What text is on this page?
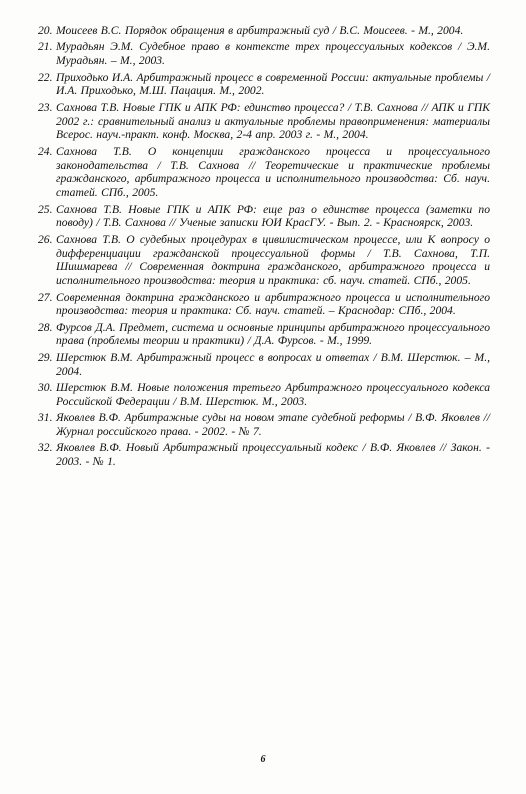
20. Моисеев В.С. Порядок обращения в арбитражный суд / В.С. Моисеев. - М., 2004.
21. Мурадьян Э.М. Судебное право в контексте трех процессуальных кодексов / Э.М. Мурадьян. – М., 2003.
22. Приходько И.А. Арбитражный процесс в современной России: актуальные проблемы / И.А. Приходько, М.Ш. Пацация. М., 2002.
23. Сахнова Т.В. Новые ГПК и АПК РФ: единство процесса? / Т.В. Сахнова // АПК и ГПК 2002 г.: сравнительный анализ и актуальные проблемы правоприменения: материалы Всерос. науч.-практ. конф. Москва, 2-4 апр. 2003 г. - М., 2004.
24. Сахнова Т.В. О концепции гражданского процесса и процессуального законодательства / Т.В. Сахнова // Теоретические и практические проблемы гражданского, арбитражного процесса и исполнительного производства: Сб. науч. статей. СПб., 2005.
25. Сахнова Т.В. Новые ГПК и АПК РФ: еще раз о единстве процесса (заметки по поводу) / Т.В. Сахнова // Ученые записки ЮИ КрасГУ. - Вып. 2. - Красноярск, 2003.
26. Сахнова Т.В. О судебных процедурах в цивилистическом процессе, или К вопросу о дифференциации гражданской процессуальной формы / Т.В. Сахнова, Т.П. Шишмарева // Современная доктрина гражданского, арбитражного процесса и исполнительного производства: теория и практика: сб. науч. статей. СПб., 2005.
27. Современная доктрина гражданского и арбитражного процесса и исполнительного производства: теория и практика: Сб. науч. статей. – Краснодар: СПб., 2004.
28. Фурсов Д.А. Предмет, система и основные принципы арбитражного процессуального права (проблемы теории и практики) / Д.А. Фурсов. - М., 1999.
29. Шерстюк В.М. Арбитражный процесс в вопросах и ответах / В.М. Шерстюк. – М., 2004.
30. Шерстюк В.М. Новые положения третьего Арбитражного процессуального кодекса Российской Федерации / В.М. Шерстюк. М., 2003.
31. Яковлев В.Ф. Арбитражные суды на новом этапе судебной реформы / В.Ф. Яковлев // Журнал российского права. - 2002. - № 7.
32. Яковлев В.Ф. Новый Арбитражный процессуальный кодекс / В.Ф. Яковлев // Закон. - 2003. - № 1.
6
